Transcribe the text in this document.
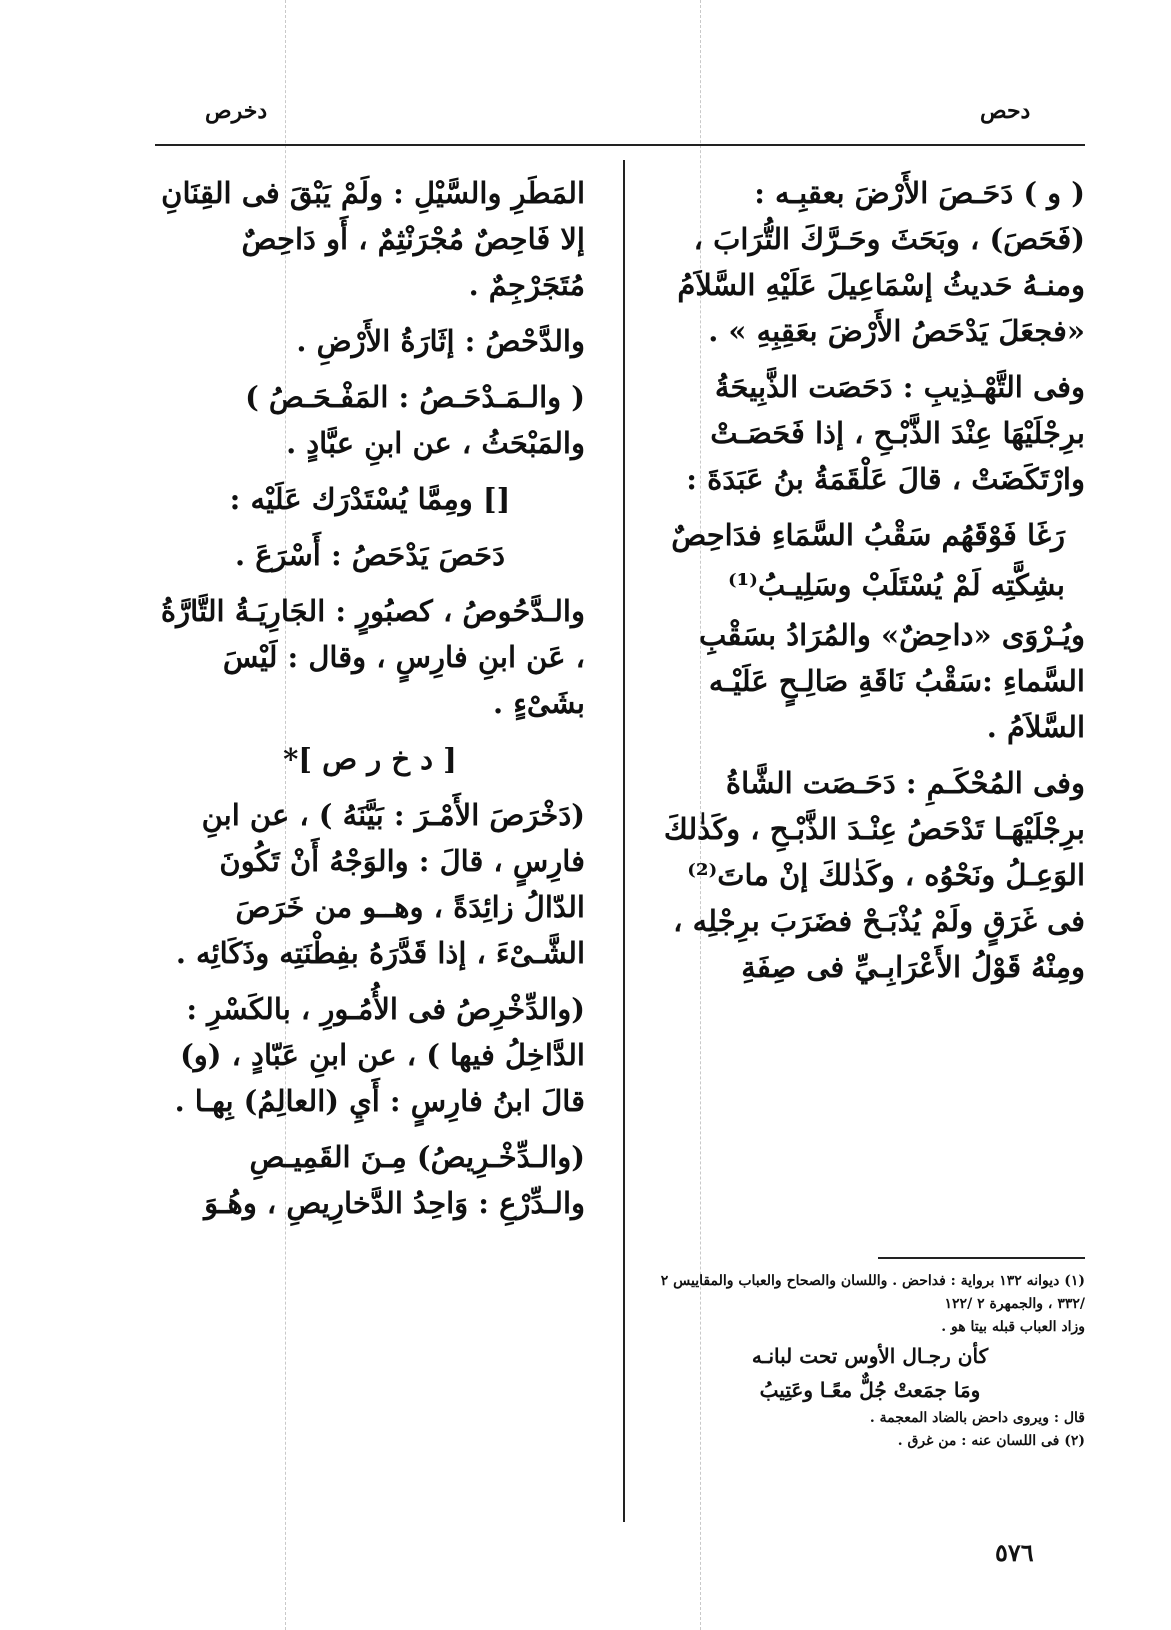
دخرص	دحص

( و ) دَحَـصَ الأَرْضَ بعقبِـه : (فَحَصَ) ، وبَحَثَ وحَـرَّكَ التُّرَابَ ، ومنـهُ حَديثُ إسْمَاعِيلَ عَلَيْهِ السَّلاَمُ «فجعَلَ يَدْحَصُ الأَرْضَ بعَقِبِهِ » .

وفى التَّهْـذِيبِ : دَحَصَت الذَّبِيحَةُ برِجْلَيْهَا عِنْدَ الذَّبْـحِ ، إذا فَحَصَـتْ وارْتَكَضَتْ ، قالَ عَلْقَمَةُ بنُ عَبَدَةَ :

رَغَا فَوْقَهُم سَقْبُ السَّمَاءِ فدَاحِصٌ

بشِكَّتِه لَمْ يُسْتَلَبْ وسَلِيـبُ⁽¹⁾

ويُـرْوَى «داحِضٌ» والمُرَادُ بسَقْبِ السَّماءِ :سَقْبُ نَاقَةِ صَالِـحٍ عَلَيْـه السَّلاَمُ .

وفى المُحْكَـمِ : دَحَـصَت الشَّاةُ برِجْلَيْهَـا تَدْحَصُ عِنْـدَ الذَّبْـحِ ، وكَذٰلكَ الوَعِـلُ ونَحْوُه ، وكَذٰلكَ إنْ ماتَ⁽²⁾ فى غَرَقٍ ولَمْ يُذْبَـحْ فضَرَبَ برِجْلِه ، ومِنْهُ قَوْلُ الأَعْرَابِـيِّ فى صِفَةِ

المَطَرِ والسَّيْلِ : ولَمْ يَبْقَ فى القِنَانِ إلا فَاحِصٌ مُجْرَنْثِمٌ ، أَو دَاحِصٌ مُتَجَرْجِمٌ .

والدَّحْصُ : إثَارَةُ الأَرْضِ .

( والـمَـدْحَـصُ : المَفْـحَـصُ ) والمَبْحَثُ ، عن ابنِ عبَّادٍ .

[] ومِمَّا يُسْتَدْرَك عَلَيْه :

دَحَصَ يَدْحَصُ : أَسْرَعَ .

والـدَّحُوصُ ، كصبُورٍ : الجَارِيَـةُ التَّارَّةُ ، عَن ابنِ فارِسٍ ، وقال : لَيْسَ بشَىْءٍ .

[ د خ ر ص ]*

(دَخْرَصَ الأَمْـرَ : بَيَّنَهُ ) ، عن ابنِ فارِسٍ ، قالَ : والوَجْهُ أَنْ تَكُونَ الدّالُ زائِدَةً ، وهــو من خَرَصَ الشَّـىْءَ ، إذا قَدَّرَهُ بفِطْنَتِه وذَكَائِه .

(والدِّخْرِصُ فى الأُمُـورِ ، بالكَسْرِ : الدَّاخِلُ فيها ) ، عن ابنِ عَبّادٍ ، (و) قالَ ابنُ فارِسٍ : أَيِ (العالِمُ) بِهـا .

(والـدِّخْـرِيصُ) مِـنَ القَمِيـصِ والـدِّرْعِ : وَاحِدُ الدَّخارِيصِ ، وهُـوَ

(١) ديوانه ١٣٢ برواية : فداحض . واللسان والصحاح والعباب والمقاييس ٢ /٣٣٢ ، والجمهرة ٢ /١٢٢
وزاد العباب قبله بيتا هو .
كأن رجـال الأوس تحت لبانـه
ومَا جمَعتْ جُلٌّ معًـا وعَتِيبُ
قال : ويروى داحض بالضاد المعجمة .
(٢) فى اللسان عنه : من غرق .
٥٧٦
